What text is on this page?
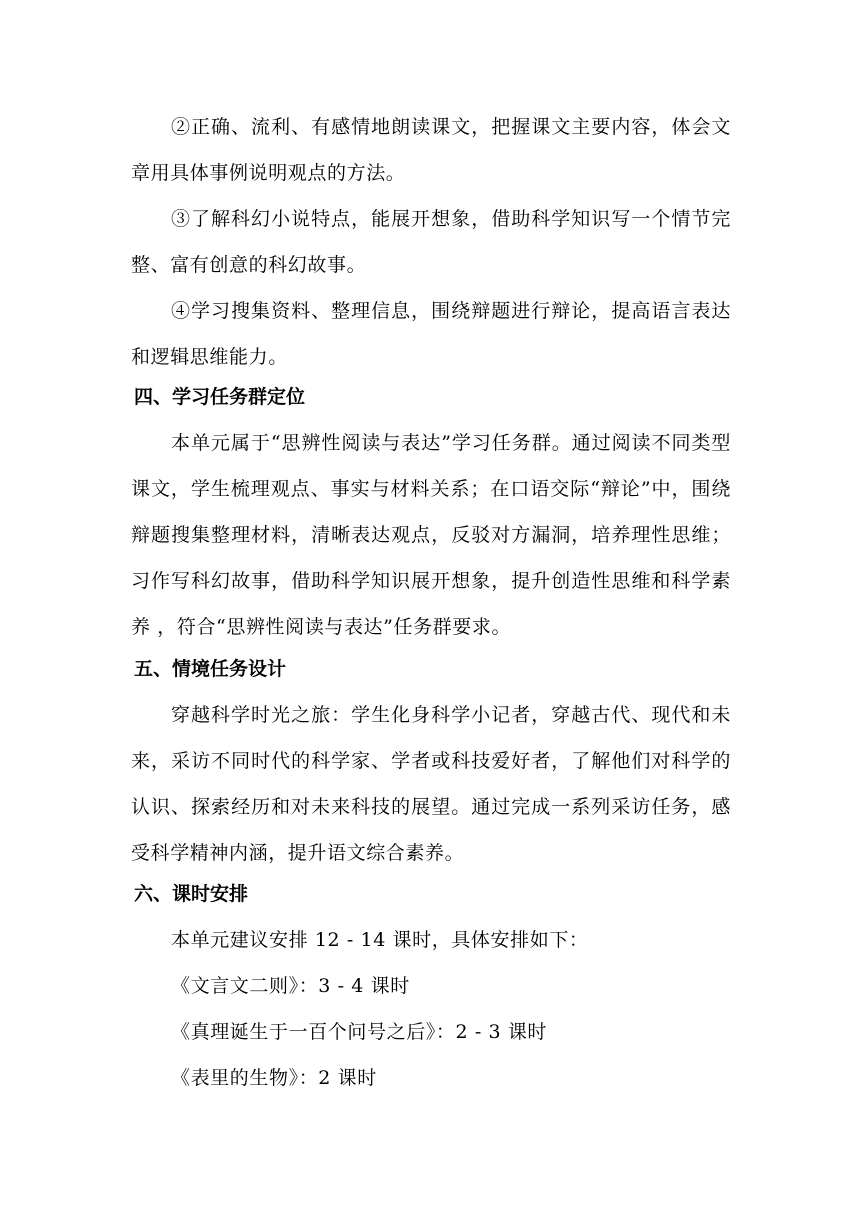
②正确、流利、有感情地朗读课文，把握课文主要内容，体会文章用具体事例说明观点的方法。

③了解科幻小说特点，能展开想象，借助科学知识写一个情节完整、富有创意的科幻故事。

④学习搜集资料、整理信息，围绕辩题进行辩论，提高语言表达和逻辑思维能力。

四、学习任务群定位

本单元属于“思辨性阅读与表达”学习任务群。通过阅读不同类型课文，学生梳理观点、事实与材料关系；在口语交际“辩论”中，围绕辩题搜集整理材料，清晰表达观点，反驳对方漏洞，培养理性思维；习作写科幻故事，借助科学知识展开想象，提升创造性思维和科学素养 ，符合“思辨性阅读与表达”任务群要求。

五、情境任务设计

穿越科学时光之旅：学生化身科学小记者，穿越古代、现代和未来，采访不同时代的科学家、学者或科技爱好者，了解他们对科学的认识、探索经历和对未来科技的展望。通过完成一系列采访任务，感受科学精神内涵，提升语文综合素养。

六、课时安排

本单元建议安排 12 - 14 课时，具体安排如下：

《文言文二则》：3 - 4 课时

《真理诞生于一百个问号之后》：2 - 3 课时

《表里的生物》：2 课时
